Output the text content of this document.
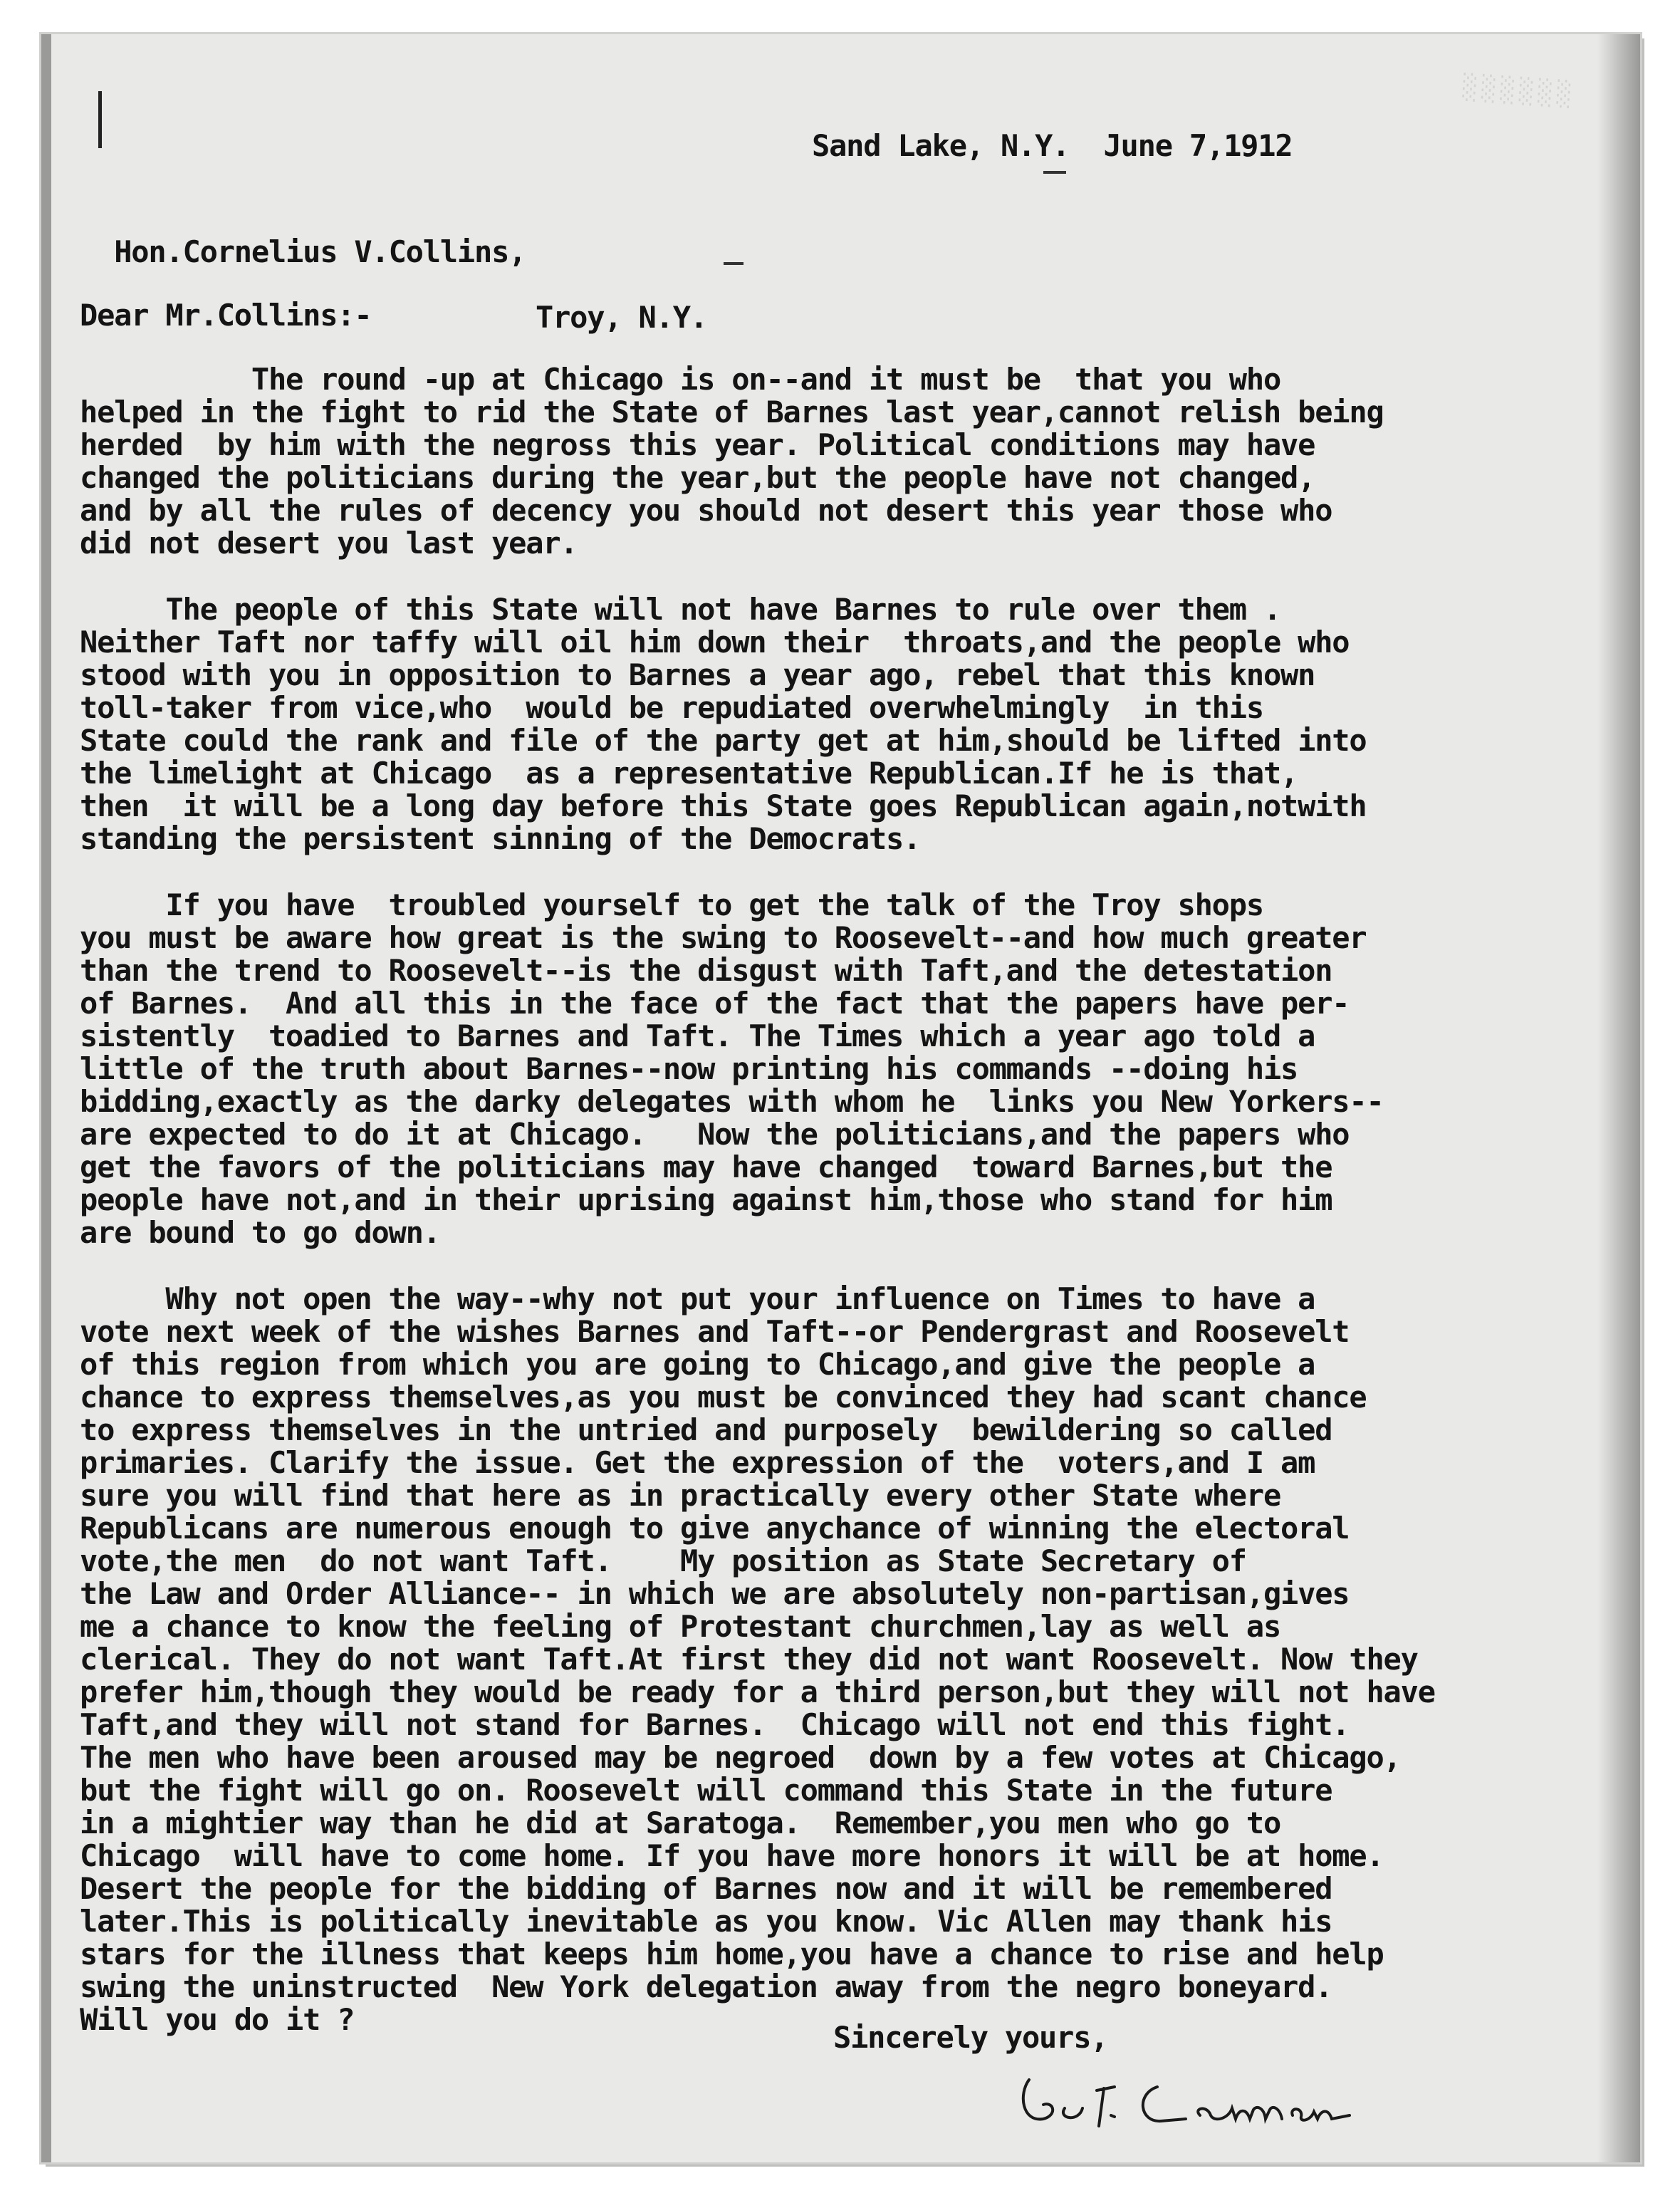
░░░░░░
Sand Lake, N.Y.  June 7,1912

Hon.Cornelius V.Collins,

Troy, N.Y.

Dear Mr.Collins:-
The round -up at Chicago is on--and it must be  that you who
helped in the fight to rid the State of Barnes last year,cannot relish being
herded  by him with the negross this year. Political conditions may have
changed the politicians during the year,but the people have not changed,
and by all the rules of decency you should not desert this year those who
did not desert you last year.
The people of this State will not have Barnes to rule over them .
Neither Taft nor taffy will oil him down their  throats,and the people who
stood with you in opposition to Barnes a year ago, rebel that this known
toll-taker from vice,who  would be repudiated overwhelmingly  in this
State could the rank and file of the party get at him,should be lifted into
the limelight at Chicago  as a representative Republican.If he is that,
then  it will be a long day before this State goes Republican again,notwith
standing the persistent sinning of the Democrats.
If you have  troubled yourself to get the talk of the Troy shops
you must be aware how great is the swing to Roosevelt--and how much greater
than the trend to Roosevelt--is the disgust with Taft,and the detestation
of Barnes.  And all this in the face of the fact that the papers have per-
sistently  toadied to Barnes and Taft. The Times which a year ago told a
little of the truth about Barnes--now printing his commands --doing his
bidding,exactly as the darky delegates with whom he  links you New Yorkers--
are expected to do it at Chicago.   Now the politicians,and the papers who
get the favors of the politicians may have changed  toward Barnes,but the
people have not,and in their uprising against him,those who stand for him
are bound to go down.
Why not open the way--why not put your influence on Times to have a
vote next week of the wishes Barnes and Taft--or Pendergrast and Roosevelt
of this region from which you are going to Chicago,and give the people a
chance to express themselves,as you must be convinced they had scant chance
to express themselves in the untried and purposely  bewildering so called
primaries. Clarify the issue. Get the expression of the  voters,and I am
sure you will find that here as in practically every other State where
Republicans are numerous enough to give anychance of winning the electoral
vote,the men  do not want Taft.    My position as State Secretary of
the Law and Order Alliance-- in which we are absolutely non-partisan,gives
me a chance to know the feeling of Protestant churchmen,lay as well as
clerical. They do not want Taft.At first they did not want Roosevelt. Now they
prefer him,though they would be ready for a third person,but they will not have
Taft,and they will not stand for Barnes.  Chicago will not end this fight.
The men who have been aroused may be negroed  down by a few votes at Chicago,
but the fight will go on. Roosevelt will command this State in the future
in a mightier way than he did at Saratoga.  Remember,you men who go to
Chicago  will have to come home. If you have more honors it will be at home.
Desert the people for the bidding of Barnes now and it will be remembered
later.This is politically inevitable as you know. Vic Allen may thank his
stars for the illness that keeps him home,you have a chance to rise and help
swing the uninstructed  New York delegation away from the negro boneyard.
Will you do it ?
Sincerely yours,
